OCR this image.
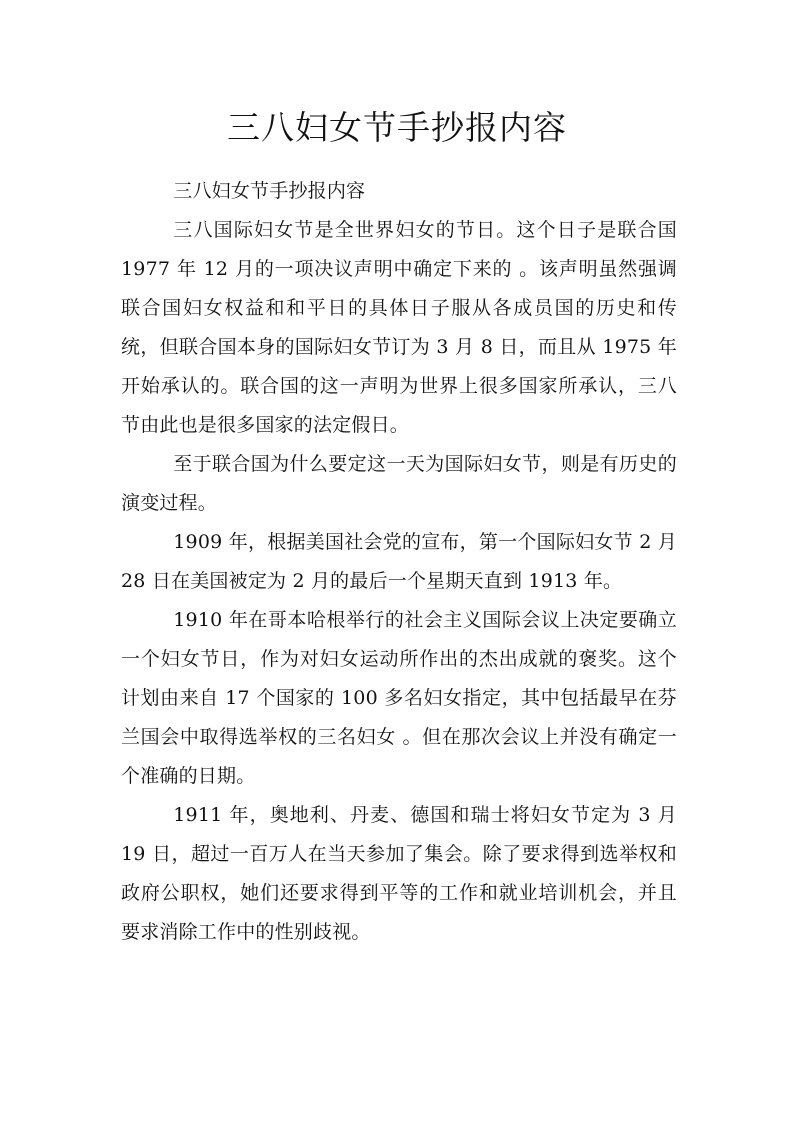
三八妇女节手抄报内容

三八妇女节手抄报内容

三八国际妇女节是全世界妇女的节日。这个日子是联合国 1977 年 12 月的一项决议声明中确定下来的 。该声明虽然强调联合国妇女权益和和平日的具体日子服从各成员国的历史和传统，但联合国本身的国际妇女节订为 3 月 8 日，而且从 1975 年开始承认的。联合国的这一声明为世界上很多国家所承认，三八节由此也是很多国家的法定假日。

至于联合国为什么要定这一天为国际妇女节，则是有历史的演变过程。

1909 年，根据美国社会党的宣布，第一个国际妇女节 2 月 28 日在美国被定为 2 月的最后一个星期天直到 1913 年。

1910 年在哥本哈根举行的社会主义国际会议上决定要确立一个妇女节日，作为对妇女运动所作出的杰出成就的褒奖。这个计划由来自 17 个国家的 100 多名妇女指定，其中包括最早在芬兰国会中取得选举权的三名妇女 。但在那次会议上并没有确定一个准确的日期。

1911 年，奥地利、丹麦、德国和瑞士将妇女节定为 3 月 19 日，超过一百万人在当天参加了集会。除了要求得到选举权和政府公职权，她们还要求得到平等的工作和就业培训机会，并且要求消除工作中的性别歧视。
